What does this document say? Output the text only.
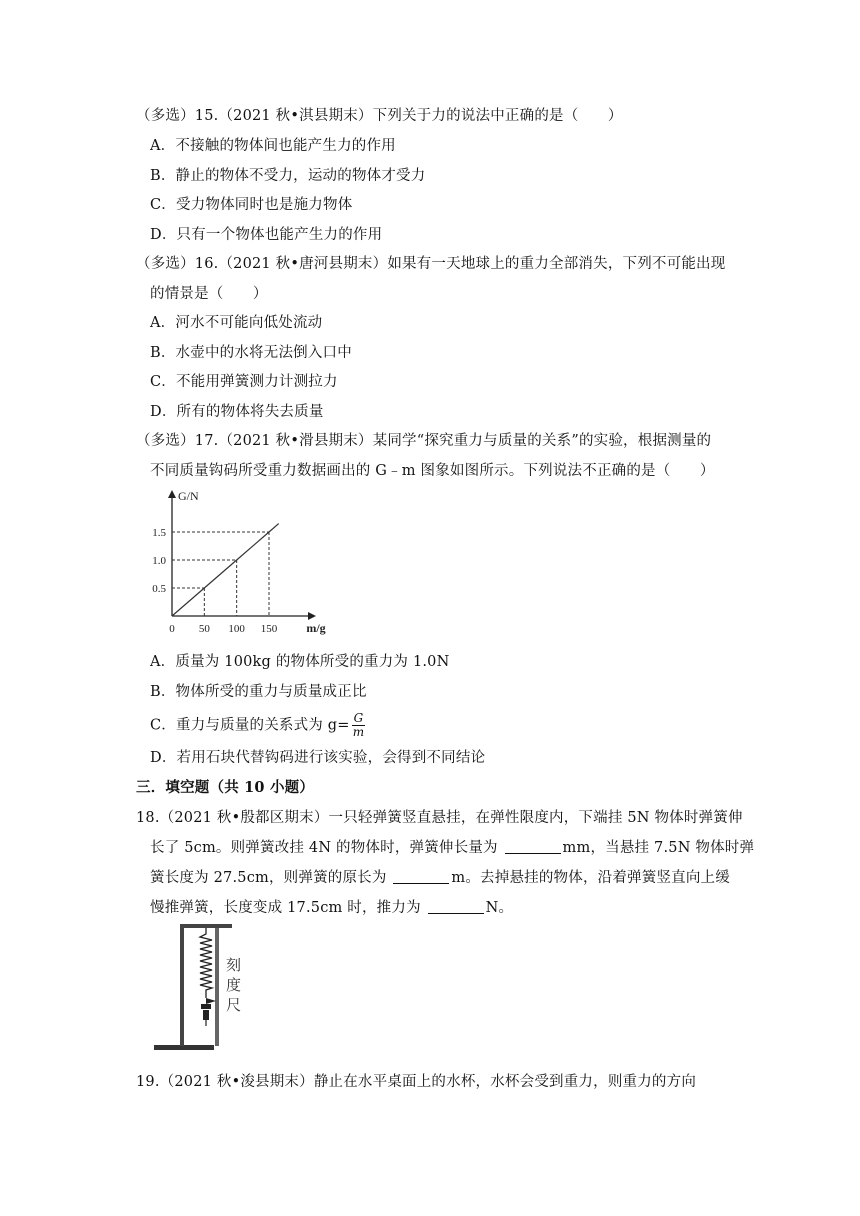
（多选）15.（2021 秋•淇县期末）下列关于力的说法中正确的是（　　）
A．不接触的物体间也能产生力的作用
B．静止的物体不受力，运动的物体才受力
C．受力物体同时也是施力物体
D．只有一个物体也能产生力的作用
（多选）16.（2021 秋•唐河县期末）如果有一天地球上的重力全部消失，下列不可能出现
的情景是（　　）
A．河水不可能向低处流动
B．水壶中的水将无法倒入口中
C．不能用弹簧测力计测拉力
D．所有的物体将失去质量
（多选）17.（2021 秋•滑县期末）某同学“探究重力与质量的关系”的实验，根据测量的
不同质量钩码所受重力数据画出的 G﹣m 图象如图所示。下列说法不正确的是（　　）
50 100 150
0.5
1.0
1.5
0
G/N
m/g
A．质量为 100kg 的物体所受的重力为 1.0N
B．物体所受的重力与质量成正比
C．重力与质量的关系式为 $g= \frac{G}{m}$
D．若用石块代替钩码进行该实验，会得到不同结论
三．填空题（共 10 小题）
18.（2021 秋•殷都区期末）一只轻弹簧竖直悬挂，在弹性限度内，下端挂 5N 物体时弹簧伸
长了 5cm。则弹簧改挂 4N 的物体时，弹簧伸长量为	mm，当悬挂 7.5N 物体时弹
簧长度为 27.5cm，则弹簧的原长为	m。去掉悬挂的物体，沿着弹簧竖直向上缓
慢推弹簧，长度变成 17.5cm 时，推力为	N。
刻
度
尺
19.（2021 秋•浚县期末）静止在水平桌面上的水杯，水杯会受到重力，则重力的方向
